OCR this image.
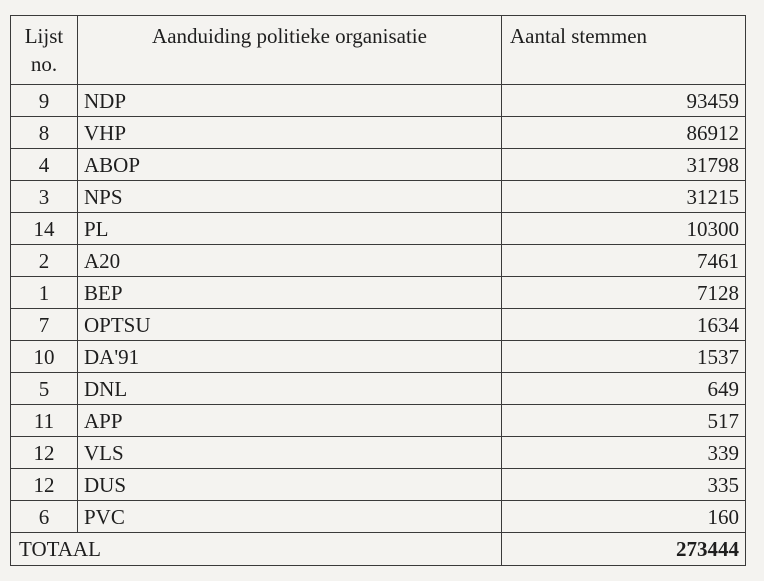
Lijst no.	Aanduiding politieke organisatie	Aantal stemmen
9	NDP	93459
8	VHP	86912
4	ABOP	31798
3	NPS	31215
14	PL	10300
2	A20	7461
1	BEP	7128
7	OPTSU	1634
10	DA'91	1537
5	DNL	649
11	APP	517
12	VLS	339
12	DUS	335
6	PVC	160
TOTAAL		273444
